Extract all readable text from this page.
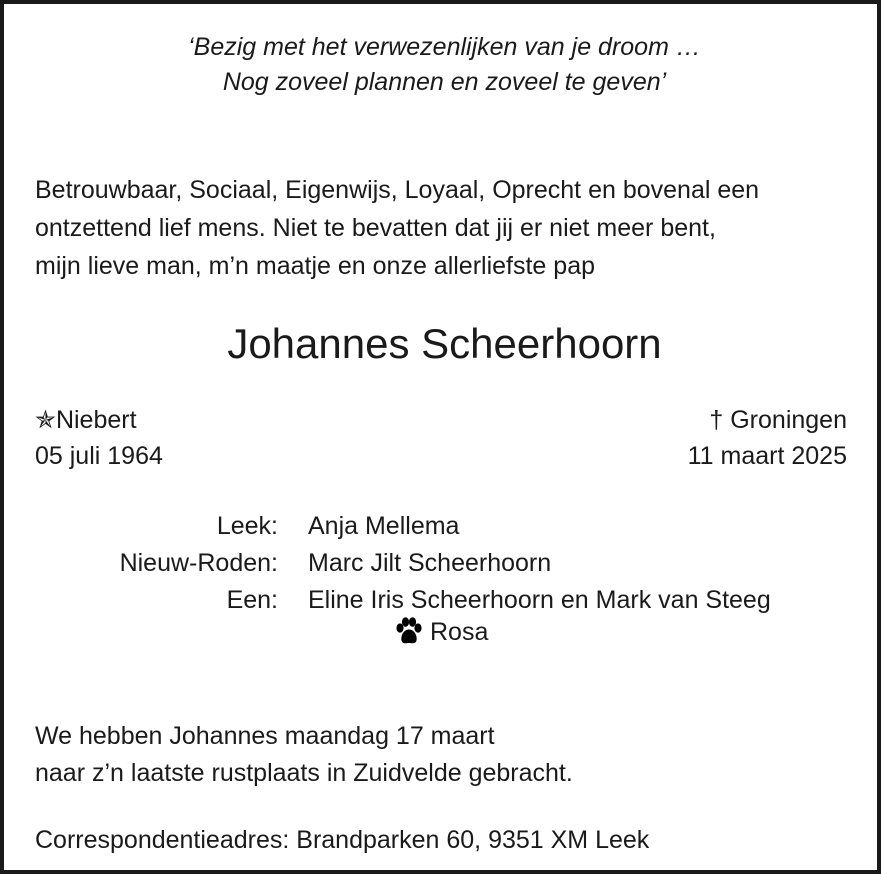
‘Bezig met het verwezenlijken van je droom …
Nog zoveel plannen en zoveel te geven’
Betrouwbaar, Sociaal, Eigenwijs, Loyaal, Oprecht en bovenal een
ontzettend lief mens. Niet te bevatten dat jij er niet meer bent,
mijn lieve man, m’n maatje en onze allerliefste pap
Johannes Scheerhoorn
✯Niebert
05 juli 1964
† Groningen
11 maart 2025
Leek: Anja Mellema
Nieuw-Roden: Marc Jilt Scheerhoorn
Een: Eline Iris Scheerhoorn en Mark van Steeg
Rosa
We hebben Johannes maandag 17 maart
naar z’n laatste rustplaats in Zuidvelde gebracht.
Correspondentieadres: Brandparken 60, 9351 XM Leek
